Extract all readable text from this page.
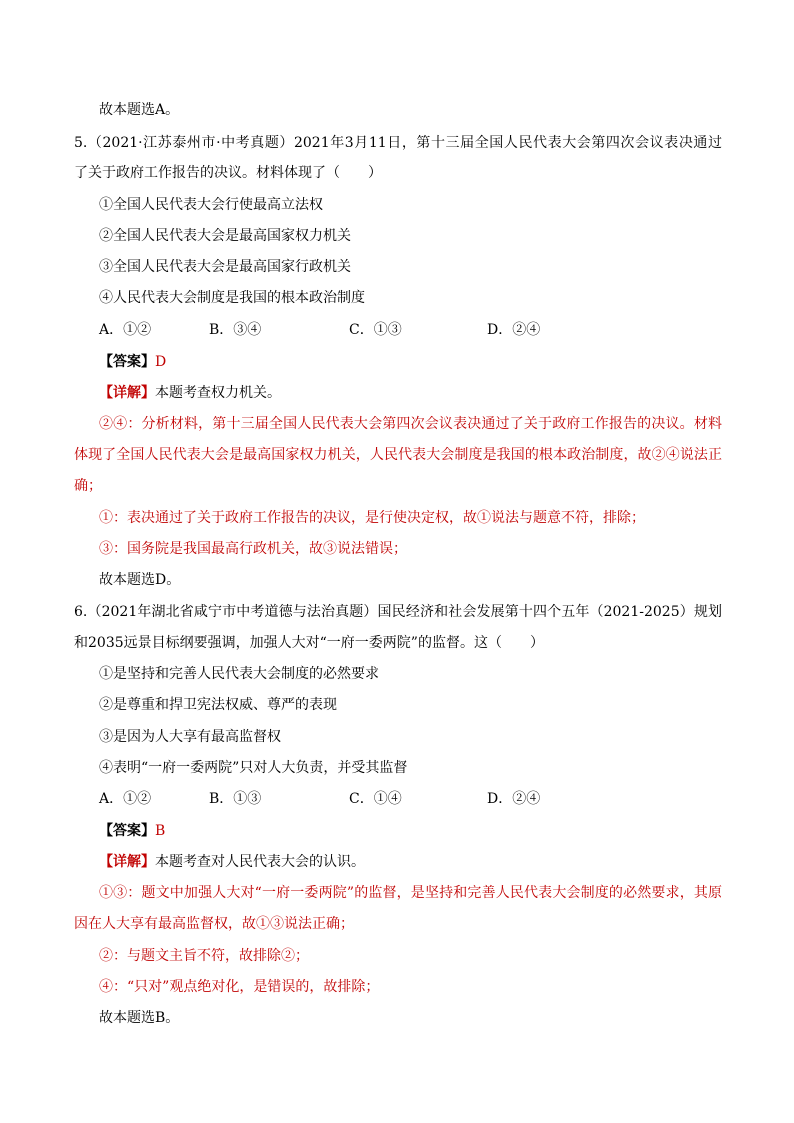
故本题选A。
5.（2021·江苏泰州市·中考真题）2021年3月11日，第十三届全国人民代表大会第四次会议表决通过
了关于政府工作报告的决议。材料体现了（　　）
①全国人民代表大会行使最高立法权
②全国人民代表大会是最高国家权力机关
③全国人民代表大会是最高国家行政机关
④人民代表大会制度是我国的根本政治制度
A．①②	B．③④	C．①③	D．②④
【答案】D
【详解】本题考查权力机关。
②④：分析材料，第十三届全国人民代表大会第四次会议表决通过了关于政府工作报告的决议。材料
体现了全国人民代表大会是最高国家权力机关，人民代表大会制度是我国的根本政治制度，故②④说法正
确；
①：表决通过了关于政府工作报告的决议，是行使决定权，故①说法与题意不符，排除；
③：国务院是我国最高行政机关，故③说法错误；
故本题选D。
6.（2021年湖北省咸宁市中考道德与法治真题）国民经济和社会发展第十四个五年（2021-2025）规划
和2035远景目标纲要强调，加强人大对“一府一委两院”的监督。这（　　）
①是坚持和完善人民代表大会制度的必然要求
②是尊重和捍卫宪法权威、尊严的表现
③是因为人大享有最高监督权
④表明“一府一委两院”只对人大负责，并受其监督
A．①②	B．①③	C．①④	D．②④
【答案】B
【详解】本题考查对人民代表大会的认识。
①③：题文中加强人大对“一府一委两院”的监督，是坚持和完善人民代表大会制度的必然要求，其原
因在人大享有最高监督权，故①③说法正确；
②：与题文主旨不符，故排除②；
④：“只对”观点绝对化，是错误的，故排除；
故本题选B。
